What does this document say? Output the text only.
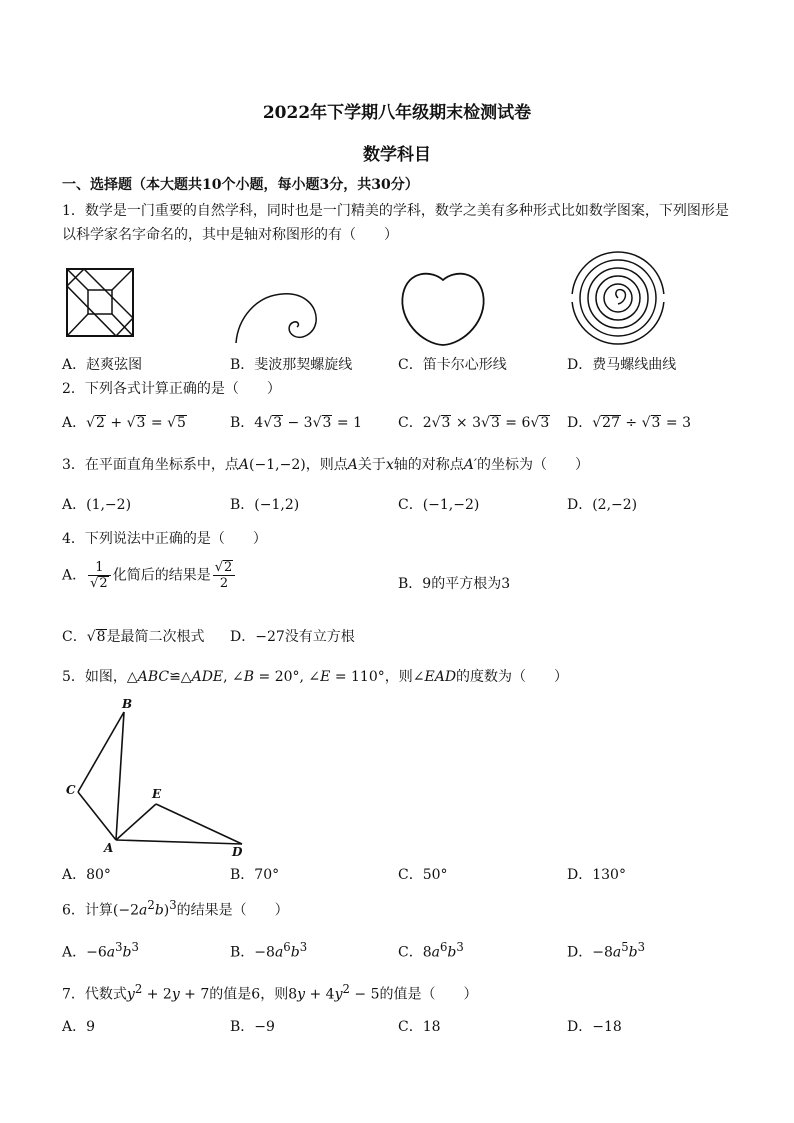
2022年下学期八年级期末检测试卷
数学科目
一、选择题（本大题共10个小题，每小题3分，共30分）
1．数学是一门重要的自然学科，同时也是一门精美的学科，数学之美有多种形式比如数学图案，下列图形是
以科学家名字命名的，其中是轴对称图形的有（　　）
A．赵爽弦图	B．斐波那契螺旋线	C．笛卡尔心形线	D．费马螺线曲线
2．下列各式计算正确的是（　　）
A．√2 + √3 = √5	B．4√3 − 3√3 = 1	C．2√3 × 3√3 = 6√3 D．√27 ÷ √3 = 3
3．在平面直角坐标系中，点A(−1,−2)，则点A关于x轴的对称点A′的坐标为（　　）
A．(1,−2)	B．(−1,2)	C．(−1,−2)	D．(2,−2)
4．下列说法中正确的是（　　）
A． $\frac{1}{√2}$ 化简后的结果是 $\frac{√2}{2}$	B．9的平方根为3
C．√8是最简二次根式 D．−27没有立方根
5．如图，△ABC≌△ADE, ∠B = 20°, ∠E = 110°，则∠EAD的度数为（　　）
B
C	E
A	D
A．80°	B．70°	C．50°	D．130°
6．计算$(-2a^2b)^3$的结果是（　　）
A．$-6a^3b^3$	B．$-8a^6b^3$	C．$8a^6b^3$	D．$-8a^5b^3$
7．代数式$y^2 + 2y + 7$的值是6，则$8y + 4y^2 - 5$的值是（　　）
A．9	B．−9	C．18	D．−18
